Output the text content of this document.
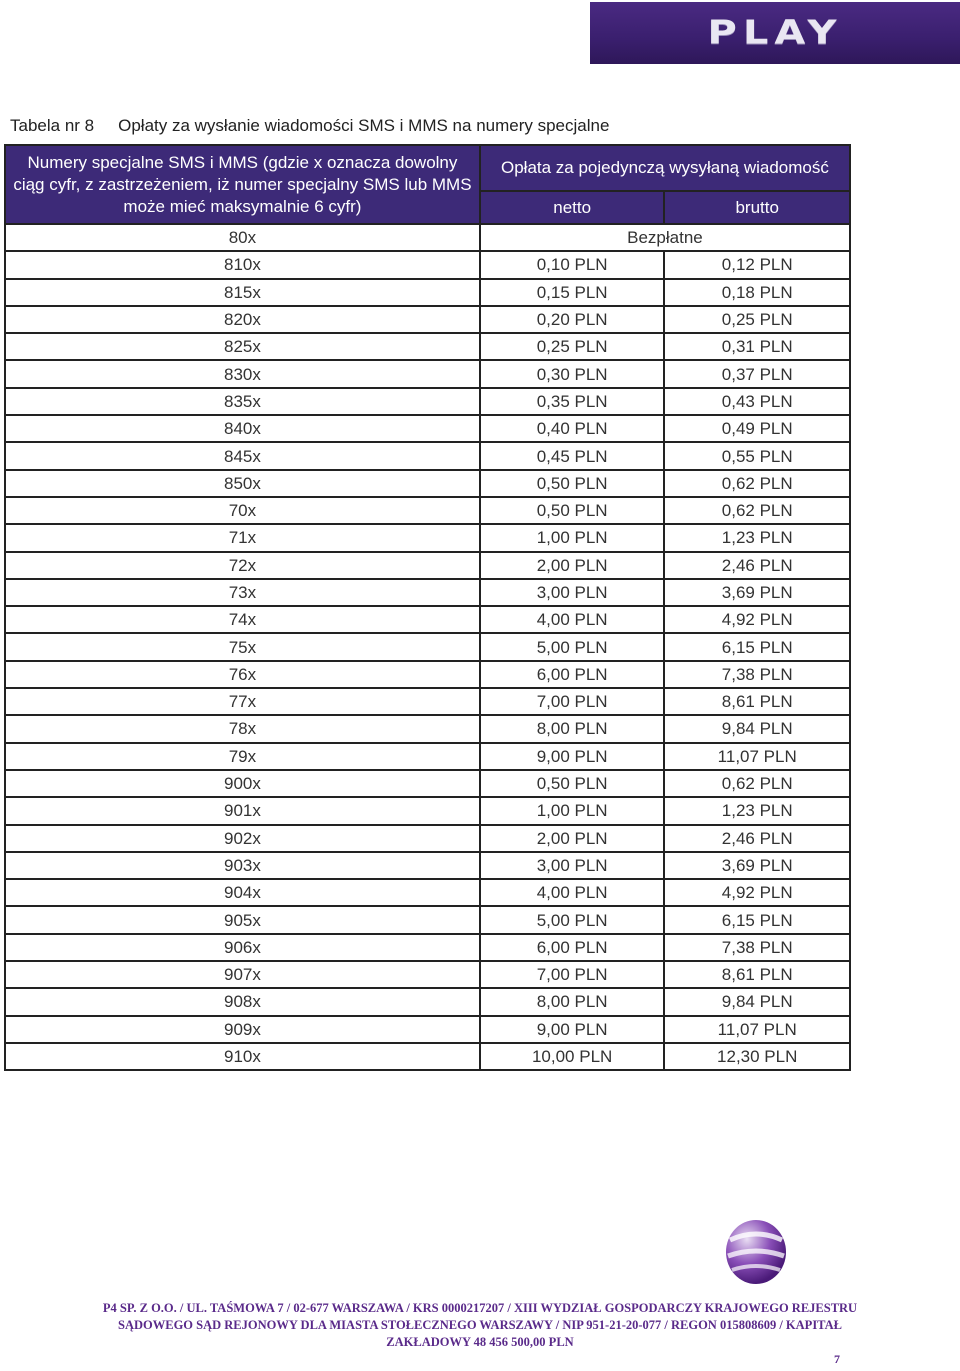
PLAY
Tabela nr 8 Opłaty za wysłanie wiadomości SMS i MMS na numery specjalne
Numery specjalne SMS i MMS (gdzie x oznacza dowolny ciąg cyfr, z zastrzeżeniem, iż numer specjalny SMS lub MMS może mieć maksymalnie 6 cyfr)	Opłata za pojedynczą wysyłaną wiadomość	
	netto	brutto
80x	Bezpłatne	
810x	0,10 PLN	0,12 PLN
815x	0,15 PLN	0,18 PLN
820x	0,20 PLN	0,25 PLN
825x	0,25 PLN	0,31 PLN
830x	0,30 PLN	0,37 PLN
835x	0,35 PLN	0,43 PLN
840x	0,40 PLN	0,49 PLN
845x	0,45 PLN	0,55 PLN
850x	0,50 PLN	0,62 PLN
70x	0,50 PLN	0,62 PLN
71x	1,00 PLN	1,23 PLN
72x	2,00 PLN	2,46 PLN
73x	3,00 PLN	3,69 PLN
74x	4,00 PLN	4,92 PLN
75x	5,00 PLN	6,15 PLN
76x	6,00 PLN	7,38 PLN
77x	7,00 PLN	8,61 PLN
78x	8,00 PLN	9,84 PLN
79x	9,00 PLN	11,07 PLN
900x	0,50 PLN	0,62 PLN
901x	1,00 PLN	1,23 PLN
902x	2,00 PLN	2,46 PLN
903x	3,00 PLN	3,69 PLN
904x	4,00 PLN	4,92 PLN
905x	5,00 PLN	6,15 PLN
906x	6,00 PLN	7,38 PLN
907x	7,00 PLN	8,61 PLN
908x	8,00 PLN	9,84 PLN
909x	9,00 PLN	11,07 PLN
910x	10,00 PLN	12,30 PLN
P4 SP. Z O.O. / UL. TAŚMOWA 7 / 02-677 WARSZAWA / KRS 0000217207 / XIII WYDZIAŁ GOSPODARCZY KRAJOWEGO REJESTRU
SĄDOWEGO SĄD REJONOWY DLA MIASTA STOŁECZNEGO WARSZAWY / NIP 951-21-20-077 / REGON 015808609 / KAPITAŁ
ZAKŁADOWY 48 456 500,00 PLN
7
